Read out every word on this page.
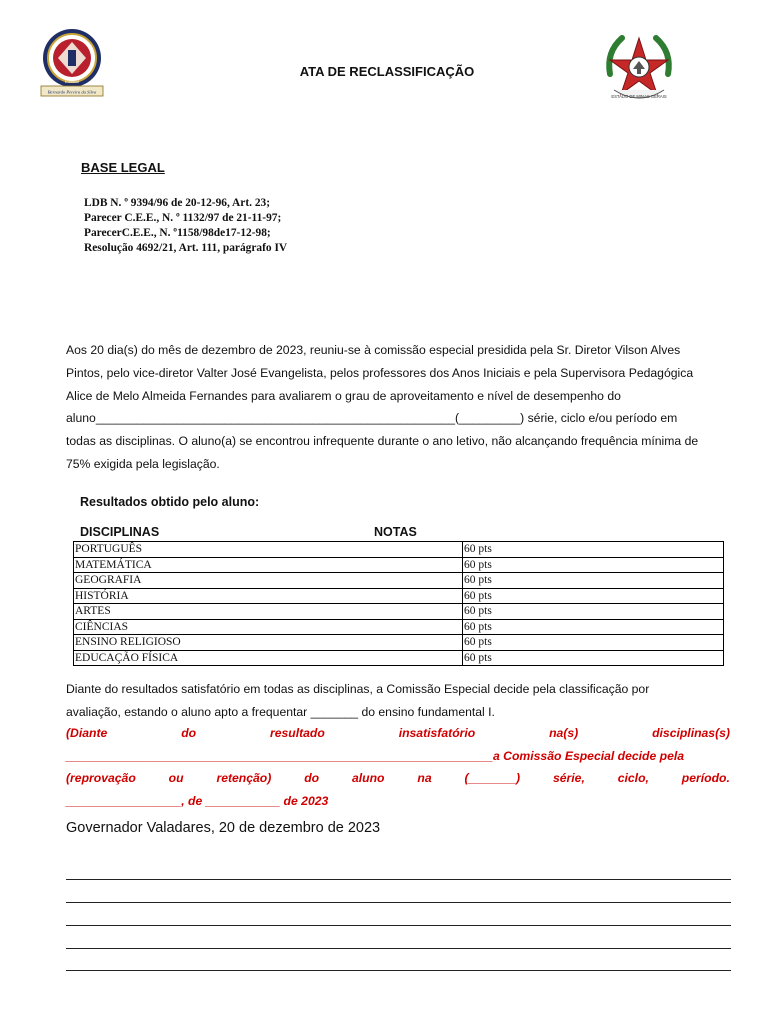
Escola
Estadual
Bernardo Pereira da Silva
ATA DE RECLASSIFICAÇÃO
ESTADO DE MINAS GERAIS
BASE LEGAL
LDB N. º 9394/96 de 20-12-96, Art. 23;
Parecer C.E.E., N. º 1132/97 de 21-11-97;
ParecerC.E.E., N. º1158/98de17-12-98;
Resolução 4692/21, Art. 111, parágrafo IV
Aos 20 dia(s) do mês de dezembro de 2023, reuniu-se à comissão especial presidida pela Sr. Diretor Vilson Alves
Pintos, pelo vice-diretor Valter José Evangelista, pelos professores dos Anos Iniciais e pela Supervisora Pedagógica
Alice de Melo Almeida Fernandes para avaliarem o grau de aproveitamento e nível de desempenho do
aluno_____________________________________________________(_________) série, ciclo e/ou período em
todas as disciplinas. O aluno(a) se encontrou infrequente durante o ano letivo, não alcançando frequência mínima de
75% exigida pela legislação.
Resultados obtido pelo aluno:
DISCIPLINAS	NOTAS
PORTUGUÊS	60 pts
MATEMÁTICA	60 pts
GEOGRAFIA	60 pts
HISTÓRIA	60 pts
ARTES	60 pts
CIÊNCIAS	60 pts
ENSINO RELIGIOSO	60 pts
EDUCAÇÃO FÍSICA	60 pts
Diante do resultados satisfatório em todas as disciplinas, a Comissão Especial decide pela classificação por
avaliação, estando o aluno apto a frequentar _______ do ensino fundamental I.
(Diante	do	resultado	insatisfatório	na(s)	disciplinas(s)
_______________________________________________________________a Comissão Especial decide pela
(reprovação	ou	retenção)	do	aluno	na	(_______)	série,	ciclo,	período.
_________________, de ___________ de 2023
Governador Valadares, 20 de dezembro de 2023
